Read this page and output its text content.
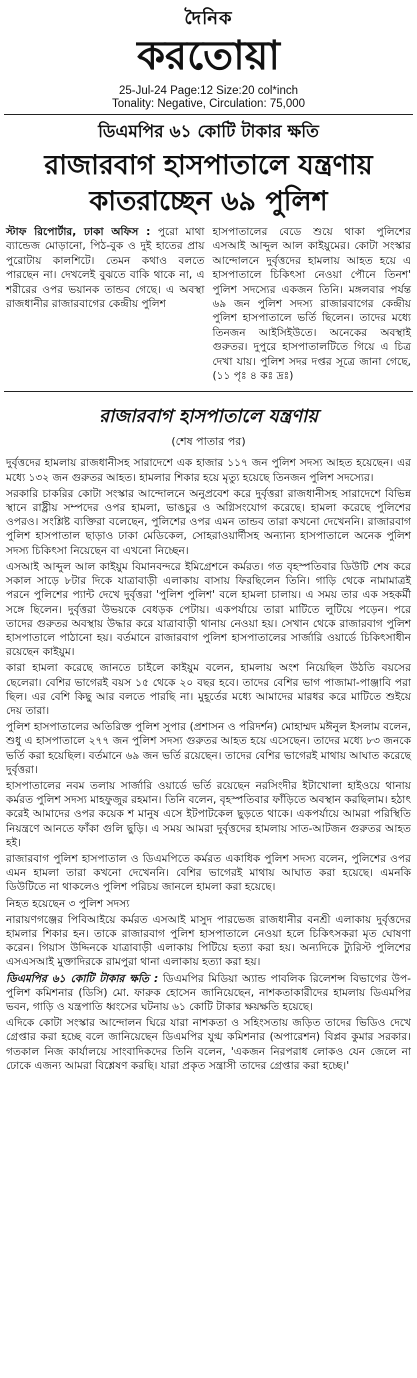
দৈনিক
করতোয়া
25-Jul-24 Page:12 Size:20 col*inch
Tonality: Negative, Circulation: 75,000
ডিএমপির ৬১ কোটি টাকার ক্ষতি
রাজারবাগ হাসপাতালে যন্ত্রণায়
কাতরাচ্ছেন ৬৯ পুলিশ
স্টাফ রিপোর্টার, ঢাকা অফিস : পুরো মাথা ব্যান্ডেজ মোড়ানো, পিঠ-বুক ও দুই হাতের প্রায় পুরোটায় কালশিটে। তেমন কথাও বলতে পারছেন না। দেখলেই বুঝতে বাকি থাকে না, এ শরীরের ওপর ভয়ানক তান্ডব গেছে। এ অবস্থা রাজধানীর রাজারবাগের কেন্দ্রীয় পুলিশ
হাসপাতালের বেডে শুয়ে থাকা পুলিশের এসআই আব্দুল আল কাইয়ুমের। কোটা সংস্কার আন্দোলনে দুর্বৃত্তদের হামলায় আহত হয়ে এ হাসপাতালে চিকিৎসা নেওয়া পৌনে তিনশ' পুলিশ সদস্যের একজন তিনি। মঙ্গলবার পর্যন্ত ৬৯ জন পুলিশ সদস্য রাজারবাগের কেন্দ্রীয় পুলিশ হাসপাতালে ভর্তি ছিলেন। তাদের মধ্যে তিনজন আইসিইউতে। অনেকের অবস্থাই গুরুতর। দুপুরে হাসপাতালটিতে গিয়ে এ চিত্র দেখা যায়। পুলিশ সদর দপ্তর সূত্রে জানা গেছে, (১১ পৃঃ ৪ কঃ দ্রঃ)
রাজারবাগ হাসপাতালে যন্ত্রণায়
(শেষ পাতার পর)

দুর্বৃত্তদের হামলায় রাজধানীসহ সারাদেশে এক হাজার ১১৭ জন পুলিশ সদস্য আহত হয়েছেন। এর মধ্যে ১৩২ জন গুরুতর আহত। হামলার শিকার হয়ে মৃত্যু হয়েছে তিনজন পুলিশ সদস্যের।

সরকারি চাকরির কোটা সংস্কার আন্দোলনে অনুপ্রবেশ করে দুর্বৃত্তরা রাজধানীসহ সারাদেশে বিভিন্ন স্থানে রাষ্ট্রীয় সম্পদের ওপর হামলা, ভাঙচুর ও অগ্নিসংযোগ করেছে। হামলা করেছে পুলিশের ওপরও। সংশ্লিষ্ট ব্যক্তিরা বলেছেন, পুলিশের ওপর এমন তান্ডব তারা কখনো দেখেননি। রাজারবাগ পুলিশ হাসপাতাল ছাড়াও ঢাকা মেডিকেল, সোহরাওয়ার্দীসহ অন্যান্য হাসপাতালে অনেক পুলিশ সদস্য চিকিৎসা নিয়েছেন বা এখনো নিচ্ছেন।

এসআই আব্দুল আল কাইয়ুম বিমানবন্দরে ইমিগ্রেশনে কর্মরত। গত বৃহস্পতিবার ডিউটি শেষ করে সকাল সাড়ে ৮টার দিকে যাত্রাবাড়ী এলাকায় বাসায় ফিরছিলেন তিনি। গাড়ি থেকে নামামাত্রই পরনে পুলিশের প্যান্ট দেখে দুর্বৃত্তরা 'পুলিশ পুলিশ' বলে হামলা চালায়। এ সময় তার এক সহকর্মী সঙ্গে ছিলেন। দুর্বৃত্তরা উভয়কে বেধড়ক পেটায়। একপর্যায়ে তারা মাটিতে লুটিয়ে পড়েন। পরে তাদের গুরুতর অবস্থায় উদ্ধার করে যাত্রাবাড়ী থানায় নেওয়া হয়। সেখান থেকে রাজারবাগ পুলিশ হাসপাতালে পাঠানো হয়। বর্তমানে রাজারবাগ পুলিশ হাসপাতালের সার্জারি ওয়ার্ডে চিকিৎসাধীন রয়েছেন কাইয়ুম।

কারা হামলা করেছে জানতে চাইলে কাইয়ুম বলেন, হামলায় অংশ নিয়েছিল উঠতি বয়সের ছেলেরা। বেশির ভাগেরই বয়স ১৫ থেকে ২০ বছর হবে। তাদের বেশির ভাগ পাজামা-পাঞ্জাবি পরা ছিল। এর বেশি কিছু আর বলতে পারছি না। মুহূর্তের মধ্যে আমাদের মারধর করে মাটিতে শুইয়ে দেয় তারা।

পুলিশ হাসপাতালের অতিরিক্ত পুলিশ সুপার (প্রশাসন ও পরিদর্শন) মোহাম্মদ মঈনুল ইসলাম বলেন, শুধু এ হাসপাতালে ২৭৭ জন পুলিশ সদস্য গুরুতর আহত হয়ে এসেছেন। তাদের মধ্যে ৮৩ জনকে ভর্তি করা হয়েছিল। বর্তমানে ৬৯ জন ভর্তি রয়েছেন। তাদের বেশির ভাগেরই মাথায় আঘাত করেছে দুর্বৃত্তরা।

হাসপাতালের নবম তলায় সার্জারি ওয়ার্ডে ভর্তি রয়েছেন নরসিংদীর ইটাখোলা হাইওয়ে থানায় কর্মরত পুলিশ সদস্য মাহফুজুর রহমান। তিনি বলেন, বৃহস্পতিবার ফাঁড়িতে অবস্থান করছিলাম। হঠাৎ করেই আমাদের ওপর কয়েক শ মানুষ এসে ইটপাটকেল ছুড়তে থাকে। একপর্যায়ে আমরা পরিস্থিতি নিয়ন্ত্রণে আনতে ফাঁকা গুলি ছুড়ি। এ সময় আমরা দুর্বৃত্তদের হামলায় সাত-আটজন গুরুতর আহত হই।

রাজারবাগ পুলিশ হাসপাতাল ও ডিএমপিতে কর্মরত একাধিক পুলিশ সদস্য বলেন, পুলিশের ওপর এমন হামলা তারা কখনো দেখেননি। বেশির ভাগেরই মাথায় আঘাত করা হয়েছে। এমনকি ডিউটিতে না থাকলেও পুলিশ পরিচয় জানলে হামলা করা হয়েছে।

নিহত হয়েছেন ৩ পুলিশ সদস্য

নারায়ণগঞ্জের পিবিআইয়ে কর্মরত এসআই মাসুদ পারভেজ রাজধানীর বনশ্রী এলাকায় দুর্বৃত্তদের হামলার শিকার হন। তাকে রাজারবাগ পুলিশ হাসপাতালে নেওয়া হলে চিকিৎসকরা মৃত ঘোষণা করেন। গিয়াস উদ্দিনকে যাত্রাবাড়ী এলাকায় পিটিয়ে হত্যা করা হয়। অন্যদিকে ট্যুরিস্ট পুলিশের এসএসআই মুক্তাদিরকে রামপুরা থানা এলাকায় হত্যা করা হয়।

ডিএমপির ৬১ কোটি টাকার ক্ষতি : ডিএমপির মিডিয়া অ্যান্ড পাবলিক রিলেশন্স বিভাগের উপ-পুলিশ কমিশনার (ডিসি) মো. ফারুক হোসেন জানিয়েছেন, নাশকতাকারীদের হামলায় ডিএমপির ভবন, গাড়ি ও যন্ত্রপাতি ধ্বংসের ঘটনায় ৬১ কোটি টাকার ক্ষয়ক্ষতি হয়েছে।

এদিকে কোটা সংস্কার আন্দোলন ঘিরে যারা নাশকতা ও সহিংসতায় জড়িত তাদের ভিডিও দেখে গ্রেপ্তার করা হচ্ছে বলে জানিয়েছেন ডিএমপির যুগ্ম কমিশনার (অপারেশন) বিপ্লব কুমার সরকার। গতকাল নিজ কার্যালয়ে সাংবাদিকদের তিনি বলেন, 'একজন নিরপরাধ লোকও যেন জেলে না ঢোকে এজন্য আমরা বিশ্লেষণ করছি। যারা প্রকৃত সন্ত্রাসী তাদের গ্রেপ্তার করা হচ্ছে।'
